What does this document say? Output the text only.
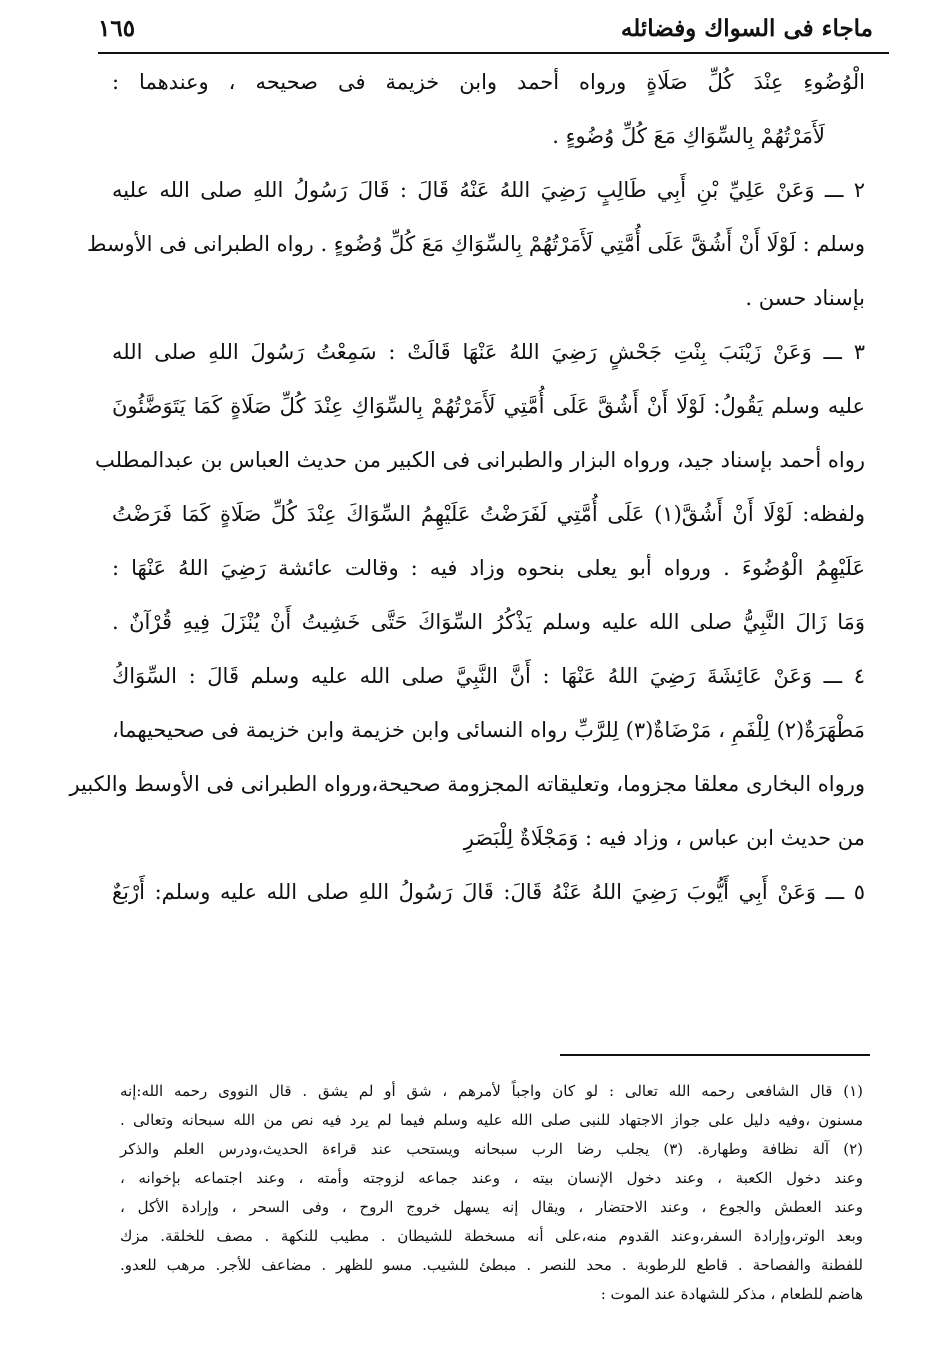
ماجاء فى السواك وفضائله
١٦٥
الْوُضُوءِ عِنْدَ كُلِّ صَلَاةٍ ورواه أحمد وابن خزيمة فى صحيحه ، وعندهما :
لَأَمَرْتُهُمْ بِالسِّوَاكِ مَعَ كُلِّ وُضُوءٍ .
٢ ـــ وَعَنْ عَلِيِّ بْنِ أَبِي طَالِبٍ رَضِيَ اللهُ عَنْهُ قَالَ : قَالَ رَسُولُ اللهِ صلى الله عليه
وسلم : لَوْلَا أَنْ أَشُقَّ عَلَى أُمَّتِي لَأَمَرْتُهُمْ بِالسِّوَاكِ مَعَ كُلِّ وُضُوءٍ . رواه الطبرانى فى الأوسط
بإسناد حسن .
٣ ـــ وَعَنْ زَيْنَبَ بِنْتِ جَحْشٍ رَضِيَ اللهُ عَنْهَا قَالَتْ : سَمِعْتُ رَسُولَ اللهِ صلى الله
عليه وسلم يَقُولُ: لَوْلَا أَنْ أَشُقَّ عَلَى أُمَّتِي لَأَمَرْتُهُمْ بِالسِّوَاكِ عِنْدَ كُلِّ صَلَاةٍ كَمَا يَتَوَضَّئُونَ
رواه أحمد بإسناد جيد، ورواه البزار والطبرانى فى الكبير من حديث العباس بن عبدالمطلب
ولفظه: لَوْلَا أَنْ أَشُقَّ(١) عَلَى أُمَّتِي لَفَرَضْتُ عَلَيْهِمُ السِّوَاكَ عِنْدَ كُلِّ صَلَاةٍ كَمَا فَرَضْتُ
عَلَيْهِمُ الْوُضُوءَ . ورواه أبو يعلى بنحوه وزاد فيه : وقالت عائشة رَضِيَ اللهُ عَنْهَا :
وَمَا زَالَ النَّبِيُّ صلى الله عليه وسلم يَذْكُرُ السِّوَاكَ حَتَّى خَشِيتُ أَنْ يُنْزَلَ فِيهِ قُرْآنٌ .
٤ ـــ وَعَنْ عَائِشَةَ رَضِيَ اللهُ عَنْهَا : أَنَّ النَّبِيَّ صلى الله عليه وسلم قَالَ : السِّوَاكُ
مَطْهَرَةٌ(٢) لِلْفَمِ ، مَرْضَاةٌ(٣) لِلرَّبِّ رواه النسائى وابن خزيمة وابن خزيمة فى صحيحيهما،
ورواه البخارى معلقا مجزوما، وتعليقاته المجزومة صحيحة،ورواه الطبرانى فى الأوسط والكبير
من حديث ابن عباس ، وزاد فيه : وَمَجْلَاةٌ لِلْبَصَرِ
٥ ـــ وَعَنْ أَبِي أَيُّوبَ رَضِيَ اللهُ عَنْهُ قَالَ: قَالَ رَسُولُ اللهِ صلى الله عليه وسلم: أَرْبَعٌ
(١) قال الشافعى رحمه الله تعالى : لو كان واجباً لأمرهم ، شق أو لم يشق . قال النووى رحمه الله:إنه
مسنون ،وفيه دليل على جواز الاجتهاد للنبى صلى الله عليه وسلم فيما لم يرد فيه نص من الله سبحانه وتعالى .
(٢) آلة نظافة وطهارة. (٣) يجلب رضا الرب سبحانه ويستحب عند قراءة الحديث،ودرس العلم والذكر
وعند دخول الكعبة ، وعند دخول الإنسان بيته ، وعند جماعه لزوجته وأمته ، وعند اجتماعه بإخوانه ،
وعند العطش والجوع ، وعند الاحتضار ، ويقال إنه يسهل خروج الروح ، وفى السحر ، وإرادة الأكل ،
وبعد الوتر،وإرادة السفر،وعند القدوم منه،على أنه مسخطة للشيطان . مطيب للنكهة . مصف للخلقة. مزك
للفطنة والفصاحة . قاطع للرطوبة . محد للنصر . مبطئ للشيب. مسو للظهر . مضاعف للأجر. مرهب للعدو.
هاضم للطعام ، مذكر للشهادة عند الموت :
